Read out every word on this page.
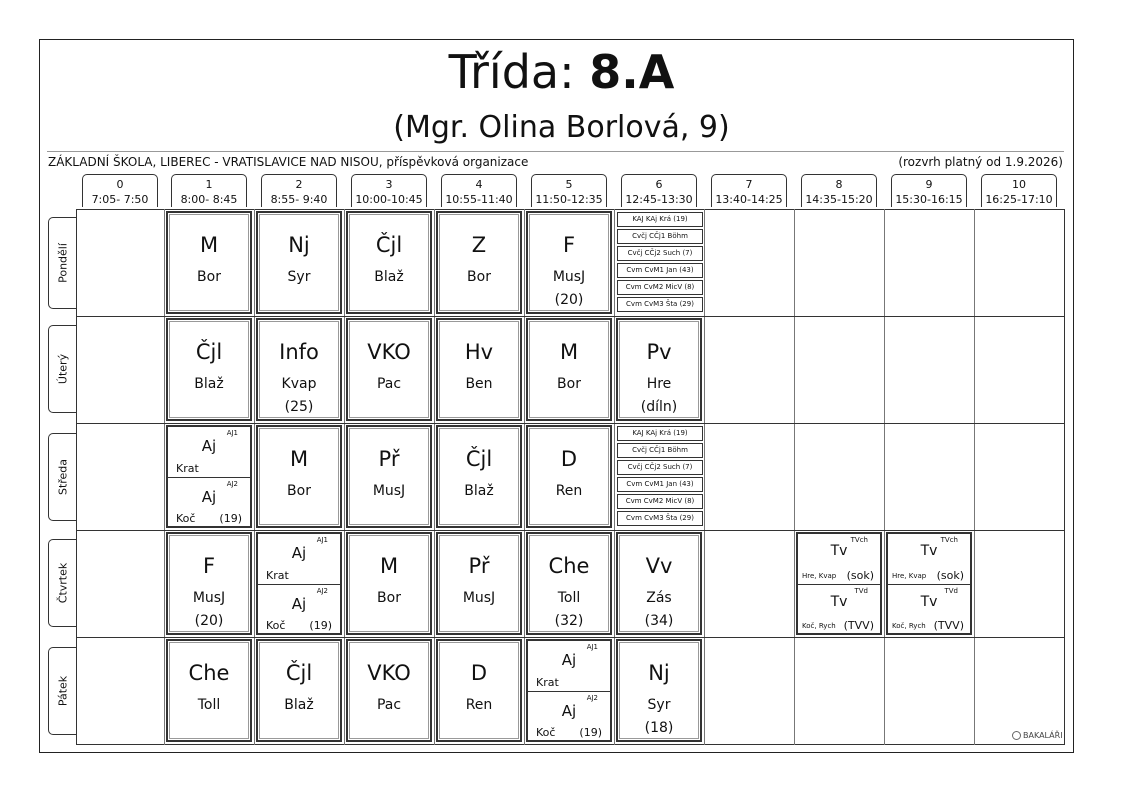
Třída: 8.A
(Mgr. Olina Borlová, 9)
ZÁKLADNÍ ŠKOLA, LIBEREC - VRATISLAVICE NAD NISOU, příspěvková organizace	(rozvrh platný od 1.9.2026)
0
7:05- 7:50
1
8:00- 8:45
2
8:55- 9:40
3
10:00-10:45
4
10:55-11:40
5
11:50-12:35
6
12:45-13:30
7
13:40-14:25
8
14:35-15:20
9
15:30-16:15
10
16:25-17:10
Pondělí
Úterý
Středa
Čtvrtek
Pátek
M
Bor
Nj
Syr
Čjl
Blaž
Z
Bor
F
MusJ
(20)
KAJ KAj Krá (19)
Cvčj CČj1 Böhm
Cvčj CČj2 Such (7)
Cvm CvM1 Jan (43)
Cvm CvM2 MicV (8)
Cvm CvM3 Šta (29)
Čjl
Blaž
Info
Kvap
(25)
VKO
Pac
Hv
Ben
M
Bor
Pv
Hre
(díln)
AJ1
Aj
Krat
AJ2
Aj
Koč (19)
M
Bor
Př
MusJ
Čjl
Blaž
D
Ren
KAJ KAj Krá (19)
Cvčj CČj1 Böhm
Cvčj CČj2 Such (7)
Cvm CvM1 Jan (43)
Cvm CvM2 MicV (8)
Cvm CvM3 Šta (29)
F
MusJ
(20)
AJ1
Aj
Krat
AJ2
Aj
Koč (19)
M
Bor
Př
MusJ
Che
Toll
(32)
Vv
Zás
(34)
TVch
Tv
Hre, Kvap (sok)
TVd
Tv
Koč, Rych (TVV)
TVch
Tv
Hre, Kvap (sok)
TVd
Tv
Koč, Rych (TVV)
Che
Toll
Čjl
Blaž
VKO
Pac
D
Ren
AJ1
Aj
Krat
AJ2
Aj
Koč (19)
Nj
Syr
(18)	BAKALÁŘI
